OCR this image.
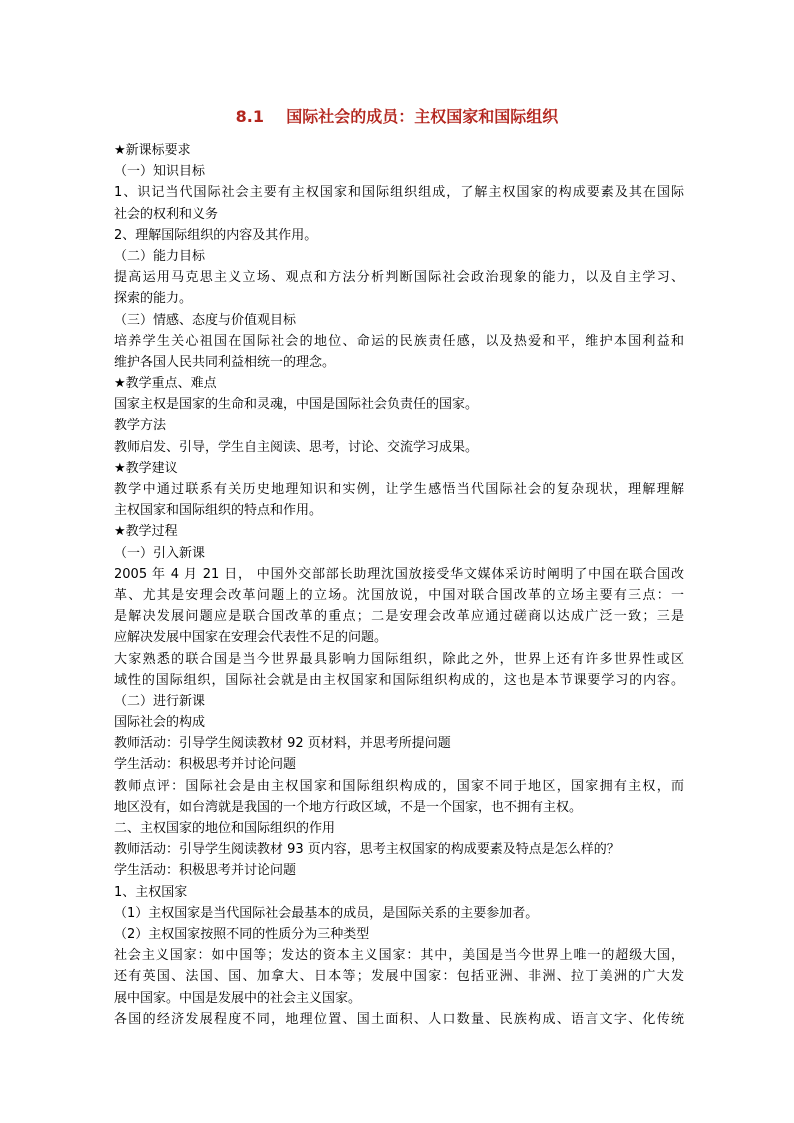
8.1    国际社会的成员：主权国家和国际组织
★新课标要求
（一）知识目标
1、识记当代国际社会主要有主权国家和国际组织组成，了解主权国家的构成要素及其在国际
社会的权利和义务
2、理解国际组织的内容及其作用。
（二）能力目标
提高运用马克思主义立场、观点和方法分析判断国际社会政治现象的能力，以及自主学习、
探索的能力。
（三）情感、态度与价值观目标
培养学生关心祖国在国际社会的地位、命运的民族责任感，以及热爱和平，维护本国利益和
维护各国人民共同利益相统一的理念。
★教学重点、难点
国家主权是国家的生命和灵魂，中国是国际社会负责任的国家。
教学方法
教师启发、引导，学生自主阅读、思考，讨论、交流学习成果。
★教学建议
教学中通过联系有关历史地理知识和实例，让学生感悟当代国际社会的复杂现状，理解理解
主权国家和国际组织的特点和作用。
★教学过程
（一）引入新课
2005 年 4 月 21 日， 中国外交部部长助理沈国放接受华文媒体采访时阐明了中国在联合国改
革、尤其是安理会改革问题上的立场。沈国放说，中国对联合国改革的立场主要有三点：一
是解决发展问题应是联合国改革的重点；二是安理会改革应通过磋商以达成广泛一致；三是
应解决发展中国家在安理会代表性不足的问题。
大家熟悉的联合国是当今世界最具影响力国际组织，除此之外，世界上还有许多世界性或区
域性的国际组织，国际社会就是由主权国家和国际组织构成的，这也是本节课要学习的内容。
（二）进行新课
国际社会的构成
教师活动：引导学生阅读教材 92 页材料，并思考所提问题
学生活动：积极思考并讨论问题
教师点评：国际社会是由主权国家和国际组织构成的，国家不同于地区，国家拥有主权，而
地区没有，如台湾就是我国的一个地方行政区域，不是一个国家，也不拥有主权。
二、主权国家的地位和国际组织的作用
教师活动：引导学生阅读教材 93 页内容，思考主权国家的构成要素及特点是怎么样的？
学生活动：积极思考并讨论问题
1、主权国家
（1）主权国家是当代国际社会最基本的成员，是国际关系的主要参加者。
（2）主权国家按照不同的性质分为三种类型
社会主义国家：如中国等；发达的资本主义国家：其中，美国是当今世界上唯一的超级大国，
还有英国、法国、国、加拿大、日本等；发展中国家：包括亚洲、非洲、拉丁美洲的广大发
展中国家。中国是发展中的社会主义国家。
各国的经济发展程度不同，地理位置、国土面积、人口数量、民族构成、语言文字、化传统
